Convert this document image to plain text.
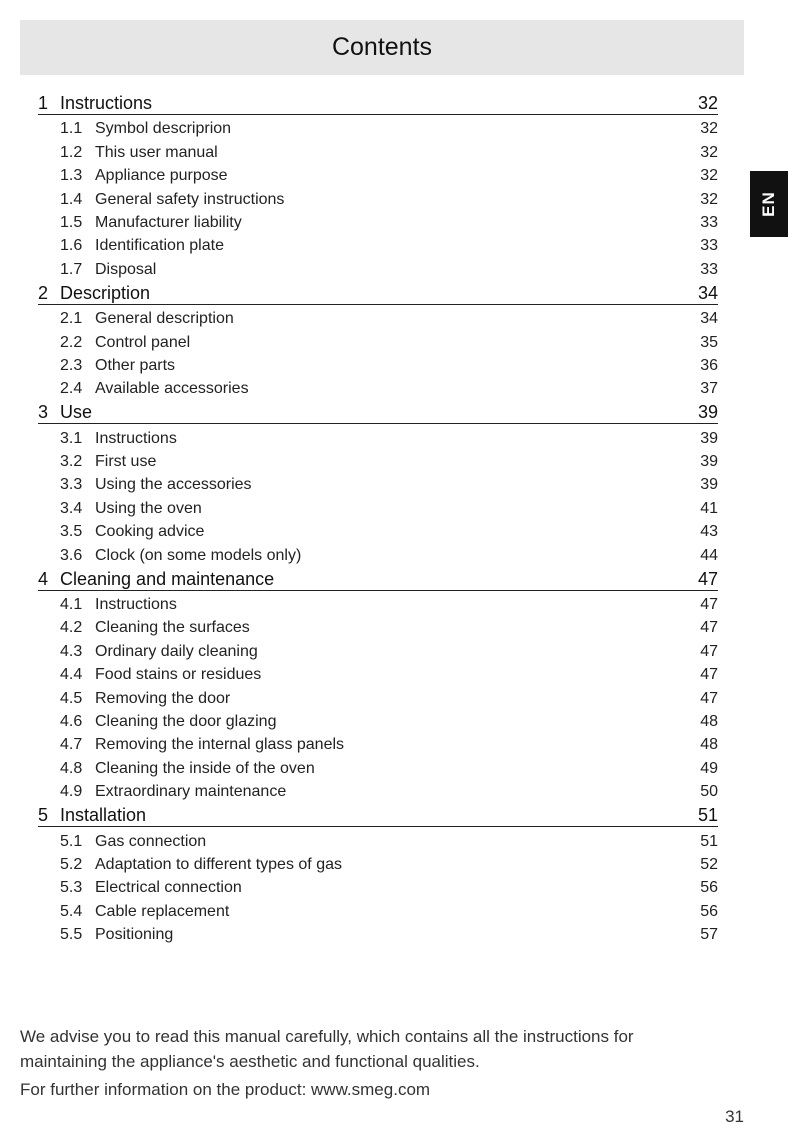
Contents
EN
1 Instructions	32
1.1 Symbol descriprion	32
1.2 This user manual	32
1.3 Appliance purpose	32
1.4 General safety instructions	32
1.5 Manufacturer liability	33
1.6 Identification plate	33
1.7 Disposal	33
2 Description	34
2.1 General description	34
2.2 Control panel	35
2.3 Other parts	36
2.4 Available accessories	37
3 Use	39
3.1 Instructions	39
3.2 First use	39
3.3 Using the accessories	39
3.4 Using the oven	41
3.5 Cooking advice	43
3.6 Clock (on some models only)	44
4 Cleaning and maintenance	47
4.1 Instructions	47
4.2 Cleaning the surfaces	47
4.3 Ordinary daily cleaning	47
4.4 Food stains or residues	47
4.5 Removing the door	47
4.6 Cleaning the door glazing	48
4.7 Removing the internal glass panels	48
4.8 Cleaning the inside of the oven	49
4.9 Extraordinary maintenance	50
5 Installation	51
5.1 Gas connection	51
5.2 Adaptation to different types of gas	52
5.3 Electrical connection	56
5.4 Cable replacement	56
5.5 Positioning	57

We advise you to read this manual carefully, which contains all the instructions for

maintaining the appliance's aesthetic and functional qualities.

For further information on the product: www.smeg.com

31
